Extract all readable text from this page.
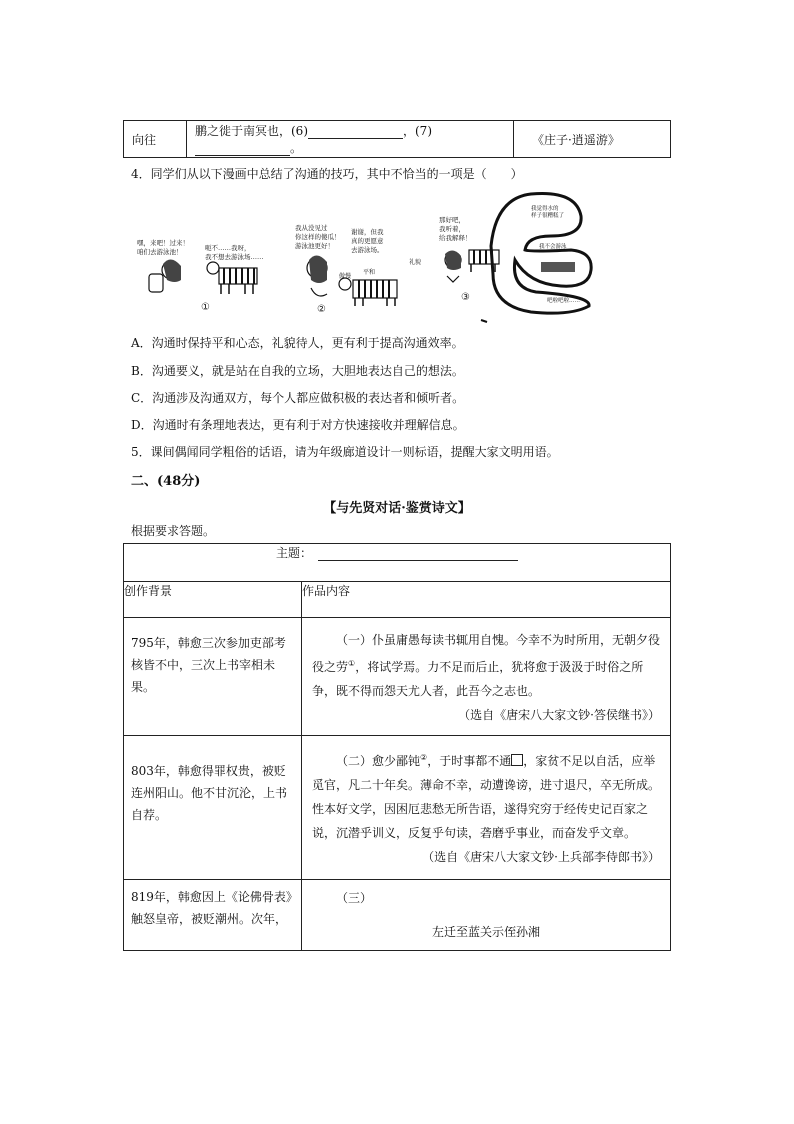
向往	鹏之徙于南冥也，(6)	，(7)。	《庄子·逍遥游》
4．同学们从以下漫画中总结了沟通的技巧，其中不恰当的一项是（　　）
嘿，来吧！过来！
咱们去游泳池！	呃不……我呀，
我不想去游泳场……
①
我从没见过
你这样的傻瓜！
游泳池更好！
谢谢，但我
真的更愿意
去游泳场。
傲慢
平和
礼貌
②
那好吧，
我听着，
给我解释！
我觉得水的
样子很糟糕了
我不会游泳
吧啦吧啦……
③
A．沟通时保持平和心态，礼貌待人，更有利于提高沟通效率。
B．沟通要义，就是站在自我的立场，大胆地表达自己的想法。
C．沟通涉及沟通双方，每个人都应做积极的表达者和倾听者。
D．沟通时有条理地表达，更有利于对方快速接收并理解信息。
5．课间偶闻同学粗俗的话语，请为年级廊道设计一则标语，提醒大家文明用语。
二、(48分)
【与先贤对话·鉴赏诗文】
根据要求答题。
主题：	
创作背景	作品内容
795年，韩愈三次参加吏部考核皆不中，三次上书宰相未果。	（一）仆虽庸愚每读书辄用自愧。今幸不为时所用，无朝夕役役之劳①，将试学焉。力不足而后止，犹将愈于汲汲于时俗之所争，既不得而怨天尤人者，此吾今之志也。
（选自《唐宋八大家文钞·答侯继书》）

803年，韩愈得罪权贵，被贬连州阳山。他不甘沉沦，上书自荐。	（二）愈少鄙钝②，于时事都不通 ，家贫不足以自活，应举觅官，凡二十年矣。薄命不幸，动遭谗谤，进寸退尺，卒无所成。性本好文学，因困厄悲愁无所告语，遂得究穷于经传史记百家之说，沉潜乎训义，反复乎句读，砻磨乎事业，而奋发乎文章。
（选自《唐宋八大家文钞·上兵部李侍郎书》）

819年，韩愈因上《论佛骨表》触怒皇帝，被贬潮州。次年，	（三）
左迁至蓝关示侄孙湘
